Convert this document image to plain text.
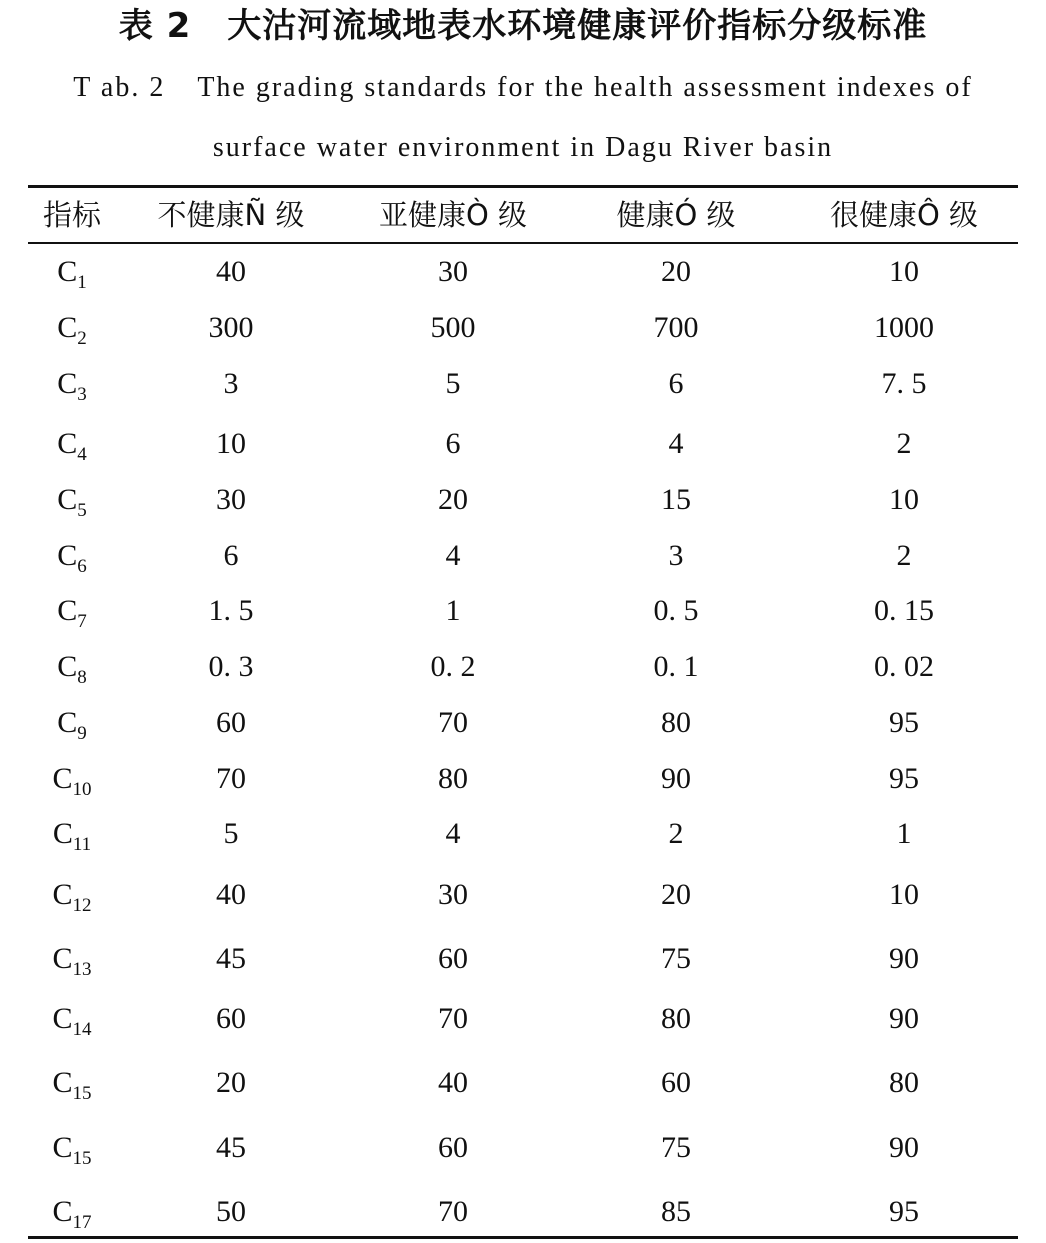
表 2 大沽河流域地表水环境健康评价指标分级标准
T ab. 2 The grading standards for the health assessment indexes of
surface water environment in Dagu River basin
指标	不健康Ñ 级	亚健康Ò 级	健康Ó 级	很健康Ô 级
$C_1$	40	30	20	10
$C_2$	300	500	700	1000
$C_3$	3	5	6	7. 5
$C_4$	10	6	4	2
$C_5$	30	20	15	10
$C_6$	6	4	3	2
$C_7$	1. 5	1	0. 5	0. 15
$C_8$	0. 3	0. 2	0. 1	0. 02
$C_9$	60	70	80	95
$C_{10}$	70	80	90	95
$C_{11}$	5	4	2	1
$C_{12}$	40	30	20	10
$C_{13}$	45	60	75	90
$C_{14}$	60	70	80	90
$C_{15}$	20	40	60	80
$C_{15}$	45	60	75	90
$C_{17}$	50	70	85	95
